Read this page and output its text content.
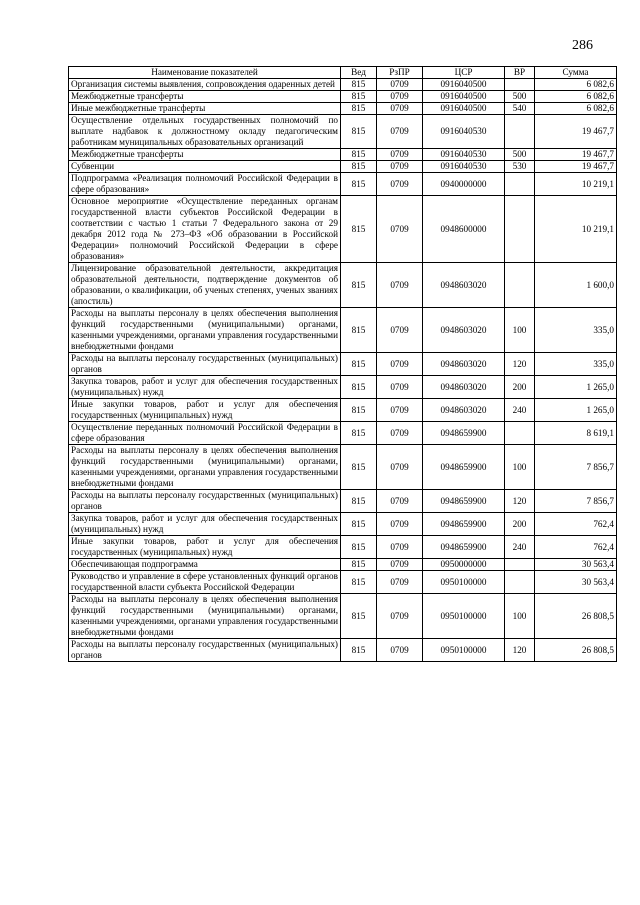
286
Наименование показателей	Вед	РзПР	ЦСР	ВР	Сумма
Организация системы выявления, сопровождения одаренных детей	815	0709	0916040500		6 082,6
Межбюджетные трансферты	815	0709	0916040500	500	6 082,6
Иные межбюджетные трансферты	815	0709	0916040500	540	6 082,6
Осуществление отдельных государственных полномочий по выплате надбавок к должностному окладу педагогическим работникам муниципальных образовательных организаций	815	0709	0916040530		19 467,7
Межбюджетные трансферты	815	0709	0916040530	500	19 467,7
Субвенции	815	0709	0916040530	530	19 467,7
Подпрограмма «Реализация полномочий Российской Федерации в сфере образования»	815	0709	0940000000		10 219,1
Основное мероприятие «Осуществление переданных органам государственной власти субъектов Российской Федерации в соответствии с частью 1 статьи 7 Федерального закона от 29 декабря 2012 года № 273–ФЗ «Об образовании в Российской Федерации» полномочий Российской Федерации в сфере образования»	815	0709	0948600000		10 219,1
Лицензирование образовательной деятельности, аккредитация образовательной деятельности, подтверждение документов об образовании, о квалификации, об ученых степенях, ученых званиях (апостиль)	815	0709	0948603020		1 600,0
Расходы на выплаты персоналу в целях обеспечения выполнения функций государственными (муниципальными) органами, казенными учреждениями, органами управления государственными внебюджетными фондами	815	0709	0948603020	100	335,0
Расходы на выплаты персоналу государственных (муниципальных) органов	815	0709	0948603020	120	335,0
Закупка товаров, работ и услуг для обеспечения государственных (муниципальных) нужд	815	0709	0948603020	200	1 265,0
Иные закупки товаров, работ и услуг для обеспечения государственных (муниципальных) нужд	815	0709	0948603020	240	1 265,0
Осуществление переданных полномочий Российской Федерации в сфере образования	815	0709	0948659900		8 619,1
Расходы на выплаты персоналу в целях обеспечения выполнения функций государственными (муниципальными) органами, казенными учреждениями, органами управления государственными внебюджетными фондами	815	0709	0948659900	100	7 856,7
Расходы на выплаты персоналу государственных (муниципальных) органов	815	0709	0948659900	120	7 856,7
Закупка товаров, работ и услуг для обеспечения государственных (муниципальных) нужд	815	0709	0948659900	200	762,4
Иные закупки товаров, работ и услуг для обеспечения государственных (муниципальных) нужд	815	0709	0948659900	240	762,4
Обеспечивающая подпрограмма	815	0709	0950000000		30 563,4
Руководство и управление в сфере установленных функций органов государственной власти субъекта Российской Федерации	815	0709	0950100000		30 563,4
Расходы на выплаты персоналу в целях обеспечения выполнения функций государственными (муниципальными) органами, казенными учреждениями, органами управления государственными внебюджетными фондами	815	0709	0950100000	100	26 808,5
Расходы на выплаты персоналу государственных (муниципальных) органов	815	0709	0950100000	120	26 808,5
